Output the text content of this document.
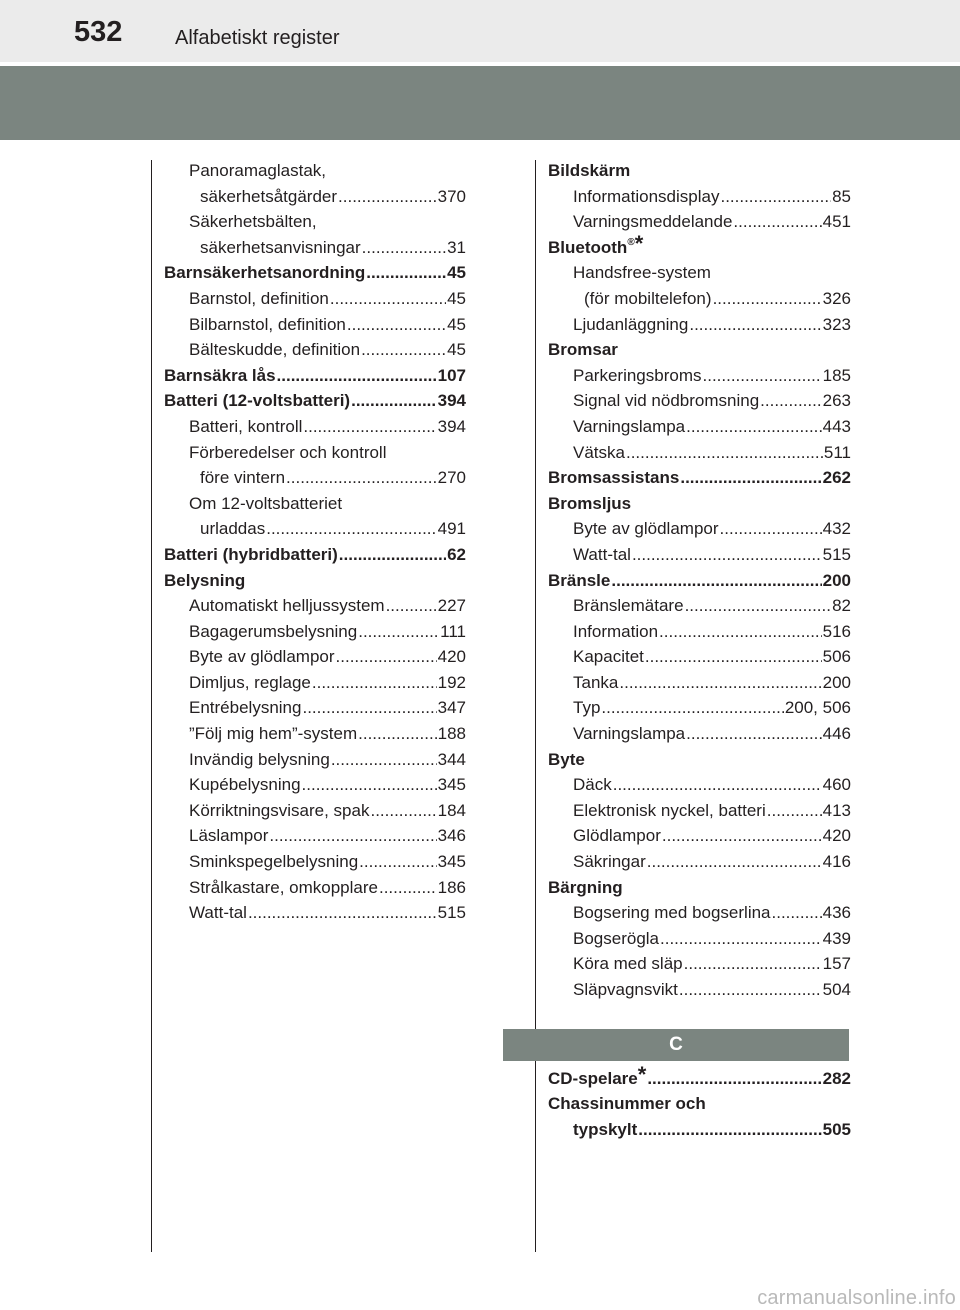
532	Alfabetiskt register
Panoramaglastak,
säkerhetsåtgärder .....	370
Säkerhetsbälten,
säkerhetsanvisningar .....	31
Barnsäkerhetsanordning .....	45
Barnstol, definition .....	45
Bilbarnstol, definition .....	45
Bälteskudde, definition .....	45
Barnsäkra lås .....	107
Batteri (12-voltsbatteri) .....	394
Batteri, kontroll .....	394
Förberedelser och kontroll
före vintern .....	270
Om 12-voltsbatteriet
urladdas .....	491
Batteri (hybridbatteri) .....	62
Belysning
Automatiskt helljussystem .....	227
Bagagerumsbelysning .....	111
Byte av glödlampor .....	420
Dimljus, reglage .....	192
Entrébelysning .....	347
”Följ mig hem”-system .....	188
Invändig belysning .....	344
Kupébelysning .....	345
Körriktningsvisare, spak .....	184
Läslampor .....	346
Sminkspegelbelysning .....	345
Strålkastare, omkopplare .....	186
Watt-tal .....	515
Bildskärm
Informationsdisplay .....	85
Varningsmeddelande .....	451
Bluetooth®*
Handsfree-system
(för mobiltelefon) .....	326
Ljudanläggning .....	323
Bromsar
Parkeringsbroms .....	185
Signal vid nödbromsning .....	263
Varningslampa .....	443
Vätska .....	511
Bromsassistans .....	262
Bromsljus
Byte av glödlampor .....	432
Watt-tal .....	515
Bränsle .....	200
Bränslemätare .....	82
Information .....	516
Kapacitet .....	506
Tanka .....	200
Typ .....	200, 506
Varningslampa .....	446
Byte
Däck .....	460
Elektronisk nyckel, batteri .....	413
Glödlampor .....	420
Säkringar .....	416
Bärgning
Bogsering med bogserlina .....	436
Bogserögla .....	439
Köra med släp .....	157
Släpvagnsvikt .....	504
C
CD-spelare* .....	282
Chassinummer och
typskylt .....	505
carmanualsonline.info
